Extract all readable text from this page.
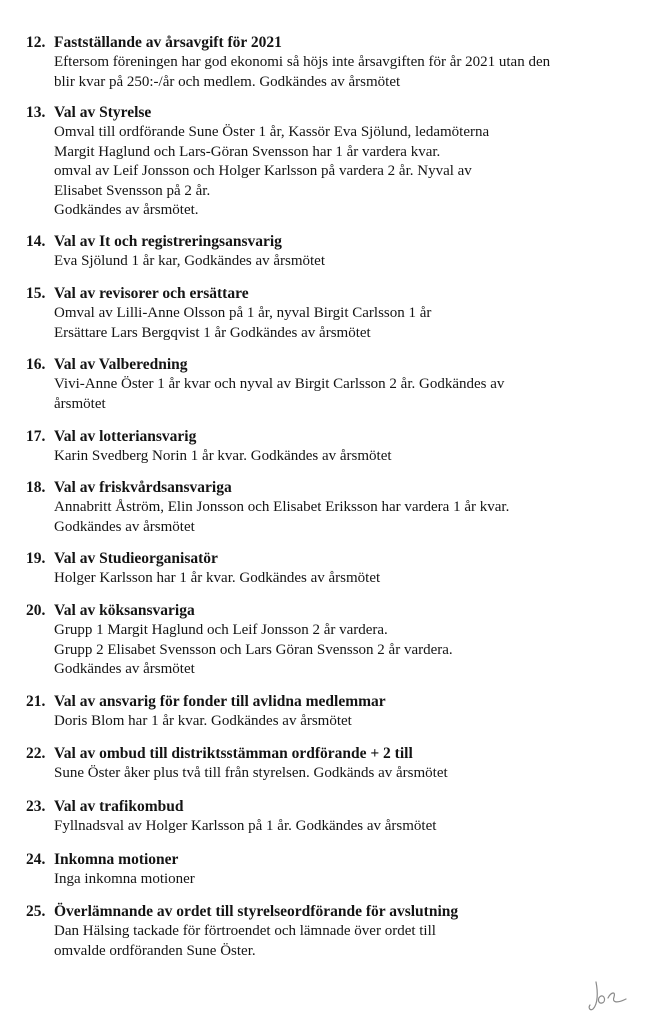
12. Fastställande av årsavgift för 2021
Eftersom föreningen har god ekonomi så höjs inte årsavgiften för år 2021 utan den
blir kvar på 250:-/år och medlem. Godkändes av årsmötet
13. Val av Styrelse
Omval till ordförande Sune Öster 1 år, Kassör Eva Sjölund, ledamöterna
Margit Haglund och Lars-Göran Svensson har 1 år vardera kvar.
omval av Leif Jonsson och Holger Karlsson på vardera 2 år. Nyval av
Elisabet Svensson på 2 år.
Godkändes av årsmötet.
14. Val av It och registreringsansvarig
Eva Sjölund 1 år kar, Godkändes av årsmötet
15. Val av revisorer och ersättare
Omval av Lilli-Anne Olsson på 1 år, nyval Birgit Carlsson 1 år
Ersättare Lars Bergqvist 1 år Godkändes av årsmötet
16. Val av Valberedning
Vivi-Anne Öster 1 år kvar och nyval av Birgit Carlsson 2 år. Godkändes av
årsmötet
17. Val av lotteriansvarig
Karin Svedberg Norin 1 år kvar. Godkändes av årsmötet
18. Val av friskvårdsansvariga
Annabritt Åström, Elin Jonsson och Elisabet Eriksson har vardera 1 år kvar.
Godkändes av årsmötet
19. Val av Studieorganisatör
Holger Karlsson har 1 år kvar. Godkändes av årsmötet
20. Val av köksansvariga
Grupp 1 Margit Haglund och Leif Jonsson 2 år vardera.
Grupp 2 Elisabet Svensson och Lars Göran Svensson 2 år vardera.
Godkändes av årsmötet
21. Val av ansvarig för fonder till avlidna medlemmar
Doris Blom har 1 år kvar. Godkändes av årsmötet
22. Val av ombud till distriktsstämman ordförande + 2 till
Sune Öster åker plus två till från styrelsen. Godkänds av årsmötet
23. Val av trafikombud
Fyllnadsval av Holger Karlsson på 1 år. Godkändes av årsmötet
24. Inkomna motioner
Inga inkomna motioner
25. Överlämnande av ordet till styrelseordförande för avslutning
Dan Hälsing tackade för förtroendet och lämnade över ordet till
omvalde ordföranden Sune Öster.
